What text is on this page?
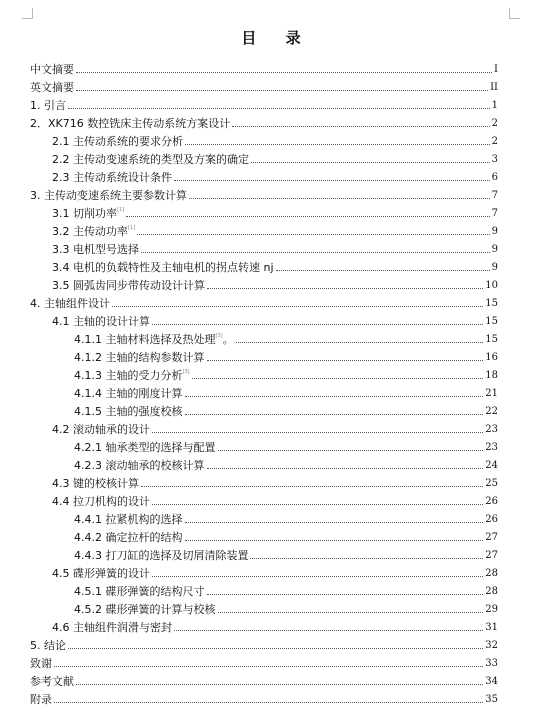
目 录
中文摘要	I
英文摘要	II
1. 引言	1
2．XK716 数控铣床主传动系统方案设计	2
2.1 主传动系统的要求分析	2
2.2 主传动变速系统的类型及方案的确定	3
2.3 主传动系统设计条件	6
3. 主传动变速系统主要参数计算	7
3.1 切削功率[1]	7
3.2 主传动功率[1]	9
3.3 电机型号选择	9
3.4 电机的负载特性及主轴电机的拐点转速 nj	9
3.5 圆弧齿同步带传动设计计算	10
4. 主轴组件设计	15
4.1 主轴的设计计算	15
4.1.1 主轴材料选择及热处理[3]。	15
4.1.2 主轴的结构参数计算	16
4.1.3 主轴的受力分析[3]	18
4.1.4 主轴的刚度计算	21
4.1.5 主轴的强度校核	22
4.2 滚动轴承的设计	23
4.2.1 轴承类型的选择与配置	23
4.2.3 滚动轴承的校核计算	24
4.3 键的校核计算	25
4.4 拉刀机构的设计	26
4.4.1 拉紧机构的选择	26
4.4.2 确定拉杆的结构	27
4.4.3 打刀缸的选择及切屑清除装置	27
4.5 碟形弹簧的设计	28
4.5.1 碟形弹簧的结构尺寸	28
4.5.2 碟形弹簧的计算与校核	29
4.6 主轴组件润滑与密封	31
5. 结论	32
致谢	33
参考文献	34
附录	35
